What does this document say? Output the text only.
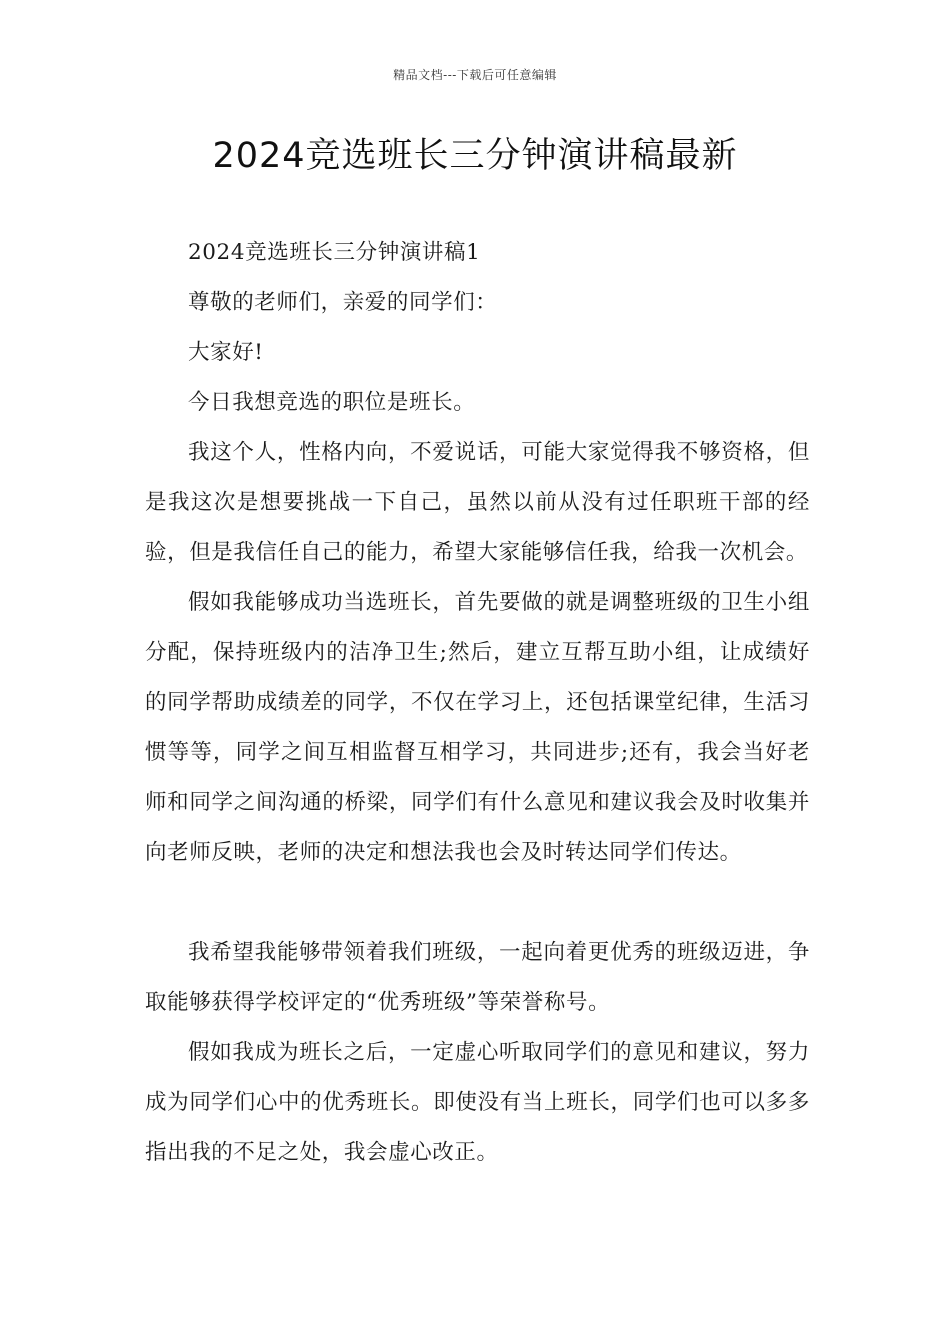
精品文档---下载后可任意编辑
2024竞选班长三分钟演讲稿最新

2024竞选班长三分钟演讲稿1

尊敬的老师们，亲爱的同学们：

大家好!

今日我想竞选的职位是班长。

我这个人，性格内向，不爱说话，可能大家觉得我不够资格，但是我这次是想要挑战一下自己，虽然以前从没有过任职班干部的经验，但是我信任自己的能力，希望大家能够信任我，给我一次机会。

假如我能够成功当选班长，首先要做的就是调整班级的卫生小组分配，保持班级内的洁净卫生;然后，建立互帮互助小组，让成绩好的同学帮助成绩差的同学，不仅在学习上，还包括课堂纪律，生活习惯等等，同学之间互相监督互相学习，共同进步;还有，我会当好老师和同学之间沟通的桥梁，同学们有什么意见和建议我会及时收集并向老师反映，老师的决定和想法我也会及时转达同学们传达。

我希望我能够带领着我们班级，一起向着更优秀的班级迈进，争取能够获得学校评定的“优秀班级”等荣誉称号。

假如我成为班长之后，一定虚心听取同学们的意见和建议，努力成为同学们心中的优秀班长。即使没有当上班长，同学们也可以多多指出我的不足之处，我会虚心改正。
